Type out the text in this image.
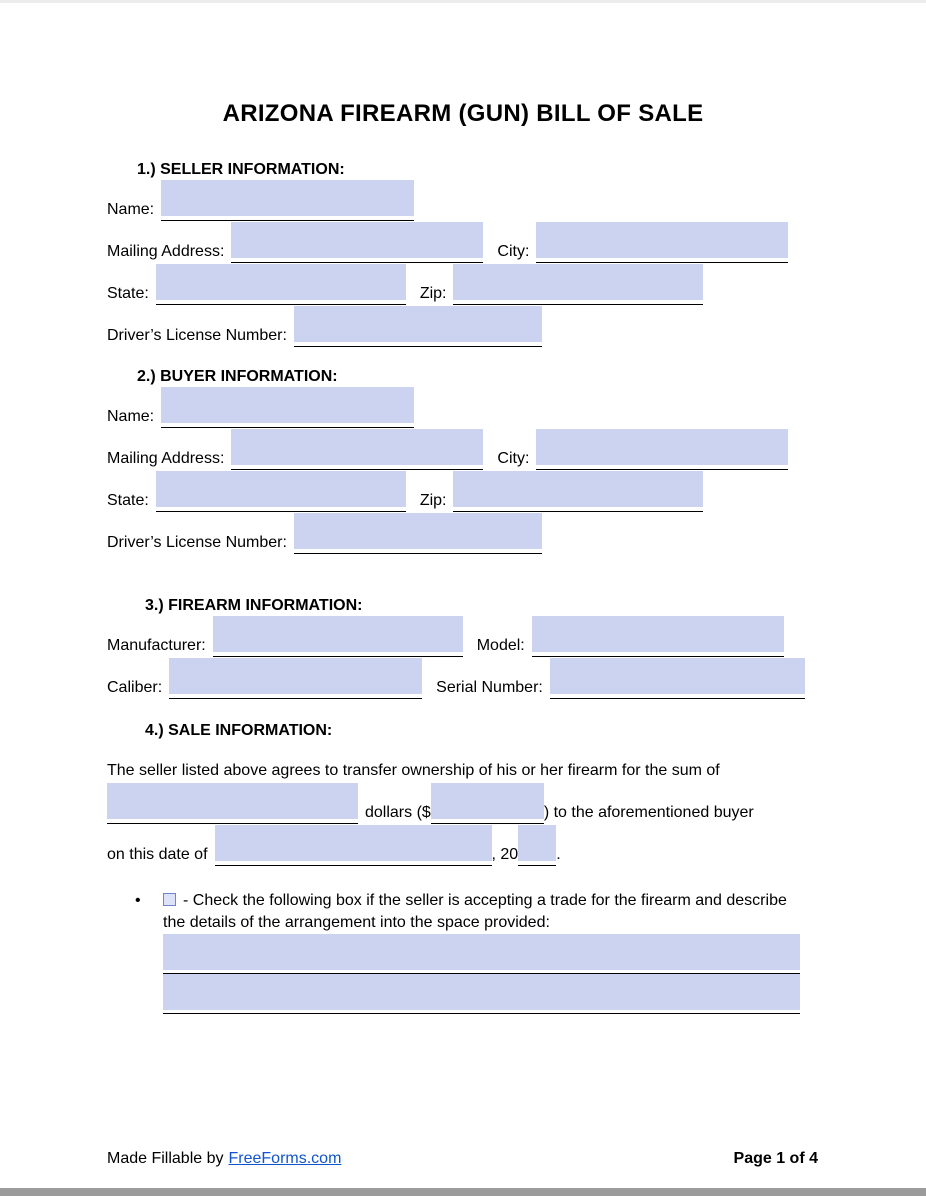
ARIZONA FIREARM (GUN) BILL OF SALE
1.) SELLER INFORMATION:
Name:
Mailing Address:	City:
State:	Zip:
Driver’s License Number:
2.) BUYER INFORMATION:
Name:
Mailing Address:	City:
State:	Zip:
Driver’s License Number:
3.) FIREARM INFORMATION:
Manufacturer:	Model:
Caliber:	Serial Number:
4.) SALE INFORMATION:
The seller listed above agrees to transfer ownership of his or her firearm for the sum of
dollars ($	) to the aforementioned buyer
on this date of	, 20 .
•	- Check the following box if the seller is accepting a trade for the firearm and describe the details of the arrangement into the space provided:
Made Fillable by FreeForms.com	Page 1 of 4
